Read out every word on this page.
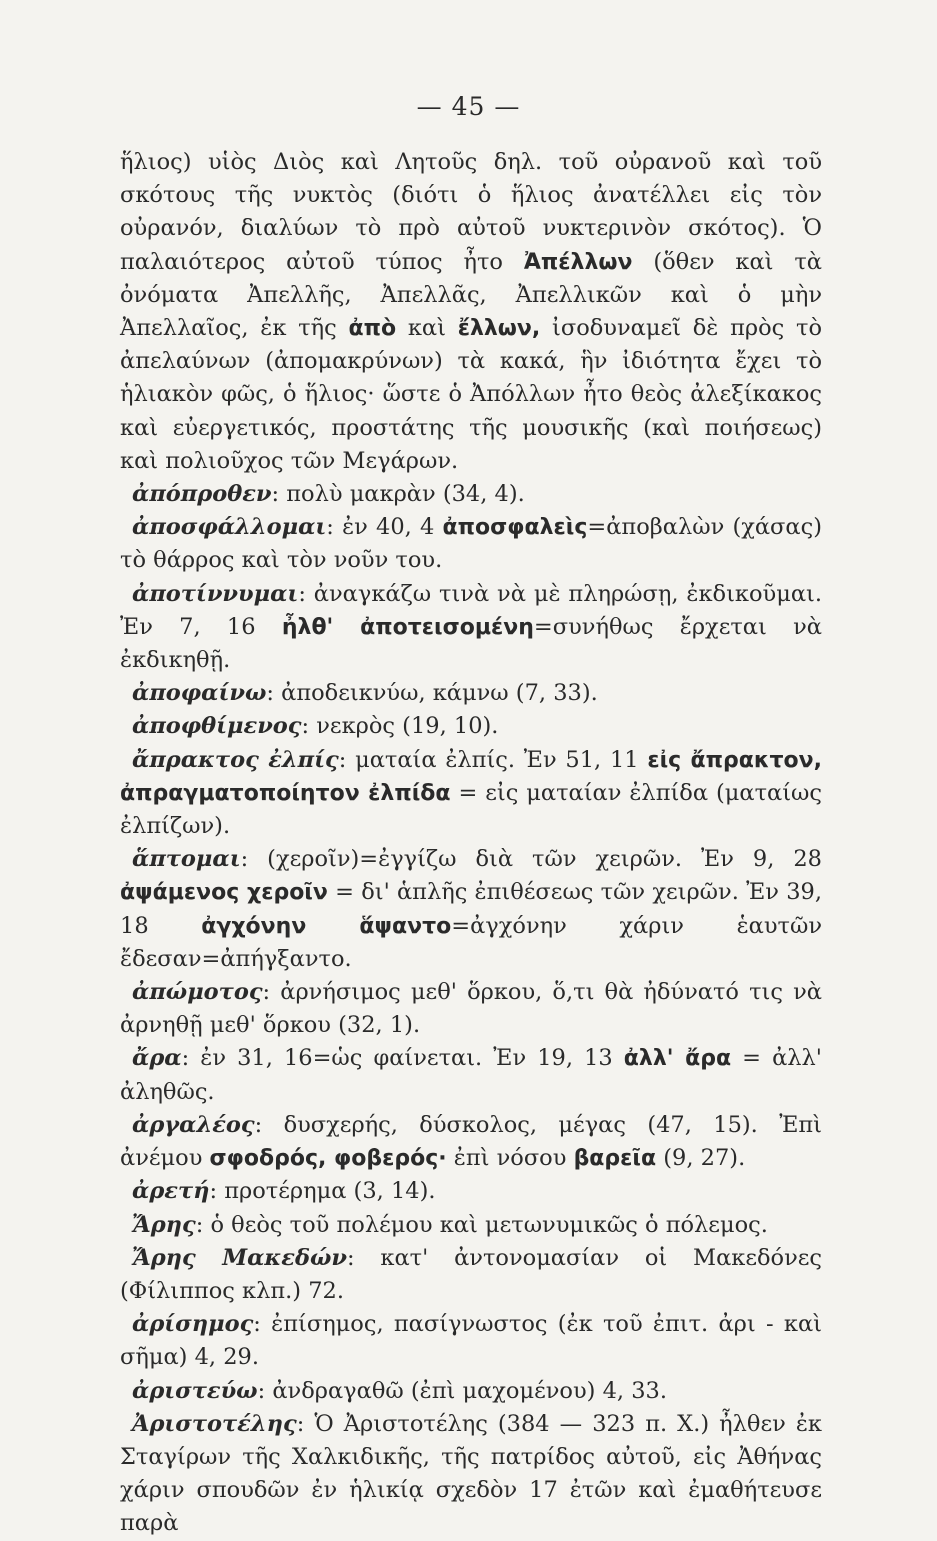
— 45 —

ἥλιος) υἱὸς Διὸς καὶ Λητοῦς δηλ. τοῦ οὐρανοῦ καὶ τοῦ σκότους τῆς νυκτὸς (διότι ὁ ἥλιος ἀνατέλλει εἰς τὸν οὐρανόν, διαλύων τὸ πρὸ αὐτοῦ νυκτερινὸν σκότος). Ὁ παλαιότερος αὐτοῦ τύπος ἦτο Ἀπέλλων (ὅθεν καὶ τὰ ὀνόματα Ἀπελλῆς, Ἀπελλᾶς, Ἀπελλικῶν καὶ ὁ μὴν Ἀπελλαῖος, ἐκ τῆς ἀπὸ καὶ ἔλλων, ἰσοδυναμεῖ δὲ πρὸς τὸ ἀπελαύνων (ἀπομακρύνων) τὰ κακά, ἣν ἰδιότητα ἔχει τὸ ἡλιακὸν φῶς, ὁ ἥλιος· ὥστε ὁ Ἀπόλλων ἦτο θεὸς ἀλεξίκακος καὶ εὐεργετικός, προστάτης τῆς μουσικῆς (καὶ ποιήσεως) καὶ πολιοῦχος τῶν Μεγάρων.

ἀπόπροθεν: πολὺ μακρὰν (34, 4).

ἀποσφάλλομαι: ἐν 40, 4 ἀποσφαλεὶς=ἀποβαλὼν (χάσας) τὸ θάρρος καὶ τὸν νοῦν του.

ἀποτίννυμαι: ἀναγκάζω τινὰ νὰ μὲ πληρώσῃ, ἐκδικοῦμαι. Ἐν 7, 16 ἦλθ' ἀποτεισομένη=συνήθως ἔρχεται νὰ ἐκδικηθῇ.

ἀποφαίνω: ἀποδεικνύω, κάμνω (7, 33).

ἀποφθίμενος: νεκρὸς (19, 10).

ἄπρακτος ἐλπίς: ματαία ἐλπίς. Ἐν 51, 11 εἰς ἄπρακτον, ἀπραγματοποίητον ἐλπίδα = εἰς ματαίαν ἐλπίδα (ματαίως ἐλπίζων).

ἅπτομαι: (χεροῖν)=ἐγγίζω διὰ τῶν χειρῶν. Ἐν 9, 28 ἀψάμενος χεροῖν = δι' ἁπλῆς ἐπιθέσεως τῶν χειρῶν. Ἐν 39, 18 ἀγχόνην ἅψαντο=ἀγχόνην χάριν ἑαυτῶν ἔδεσαν=ἀπήγξαντο.

ἀπώμοτος: ἀρνήσιμος μεθ' ὅρκου, ὅ,τι θὰ ἠδύνατό τις νὰ ἀρνηθῇ μεθ' ὅρκου (32, 1).

ἄρα: ἐν 31, 16=ὡς φαίνεται. Ἐν 19, 13 ἀλλ' ἄρα = ἀλλ' ἀληθῶς.

ἀργαλέος: δυσχερής, δύσκολος, μέγας (47, 15). Ἐπὶ ἀνέμου σφοδρός, φοβερός· ἐπὶ νόσου βαρεῖα (9, 27).

ἀρετή: προτέρημα (3, 14).

Ἄρης: ὁ θεὸς τοῦ πολέμου καὶ μετωνυμικῶς ὁ πόλεμος.

Ἄρης Μακεδών: κατ' ἀντονομασίαν οἱ Μακεδόνες (Φίλιππος κλπ.) 72.

ἀρίσημος: ἐπίσημος, πασίγνωστος (ἐκ τοῦ ἐπιτ. ἀρι - καὶ σῆμα) 4, 29.

ἀριστεύω: ἀνδραγαθῶ (ἐπὶ μαχομένου) 4, 33.

Ἀριστοτέλης: Ὁ Ἀριστοτέλης (384 — 323 π. Χ.) ἦλθεν ἐκ Σταγίρων τῆς Χαλκιδικῆς, τῆς πατρίδος αὐτοῦ, εἰς Ἀθήνας χάριν σπουδῶν ἐν ἡλικίᾳ σχεδὸν 17 ἐτῶν καὶ ἐμαθήτευσε παρὰ
